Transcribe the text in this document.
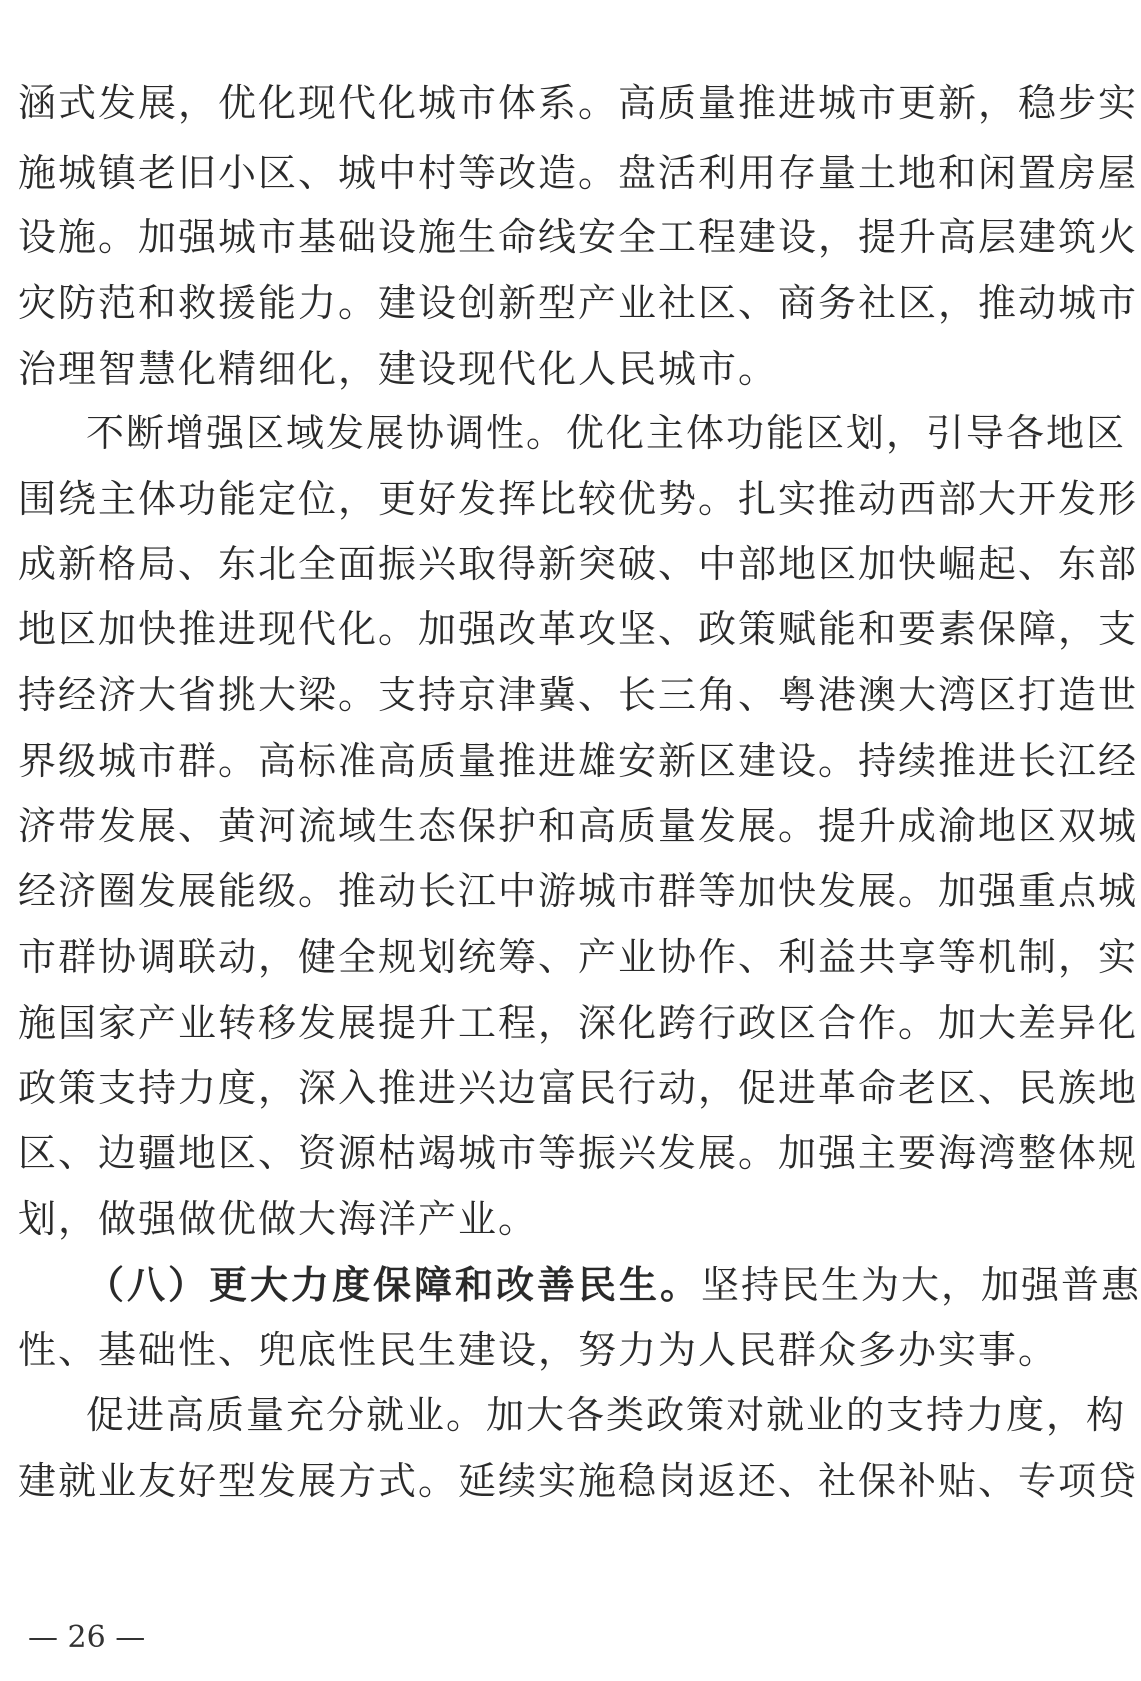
涵式发展，优化现代化城市体系。高质量推进城市更新，稳步实
施城镇老旧小区、城中村等改造。盘活利用存量土地和闲置房屋
设施。加强城市基础设施生命线安全工程建设，提升高层建筑火
灾防范和救援能力。建设创新型产业社区、商务社区，推动城市
治理智慧化精细化，建设现代化人民城市。
不断增强区域发展协调性。优化主体功能区划，引导各地区
围绕主体功能定位，更好发挥比较优势。扎实推动西部大开发形
成新格局、东北全面振兴取得新突破、中部地区加快崛起、东部
地区加快推进现代化。加强改革攻坚、政策赋能和要素保障，支
持经济大省挑大梁。支持京津冀、长三角、粤港澳大湾区打造世
界级城市群。高标准高质量推进雄安新区建设。持续推进长江经
济带发展、黄河流域生态保护和高质量发展。提升成渝地区双城
经济圈发展能级。推动长江中游城市群等加快发展。加强重点城
市群协调联动，健全规划统筹、产业协作、利益共享等机制，实
施国家产业转移发展提升工程，深化跨行政区合作。加大差异化
政策支持力度，深入推进兴边富民行动，促进革命老区、民族地
区、边疆地区、资源枯竭城市等振兴发展。加强主要海湾整体规
划，做强做优做大海洋产业。
（八）更大力度保障和改善民生。坚持民生为大，加强普惠
性、基础性、兜底性民生建设，努力为人民群众多办实事。
促进高质量充分就业。加大各类政策对就业的支持力度，构
建就业友好型发展方式。延续实施稳岗返还、社保补贴、专项贷
— 26 —
